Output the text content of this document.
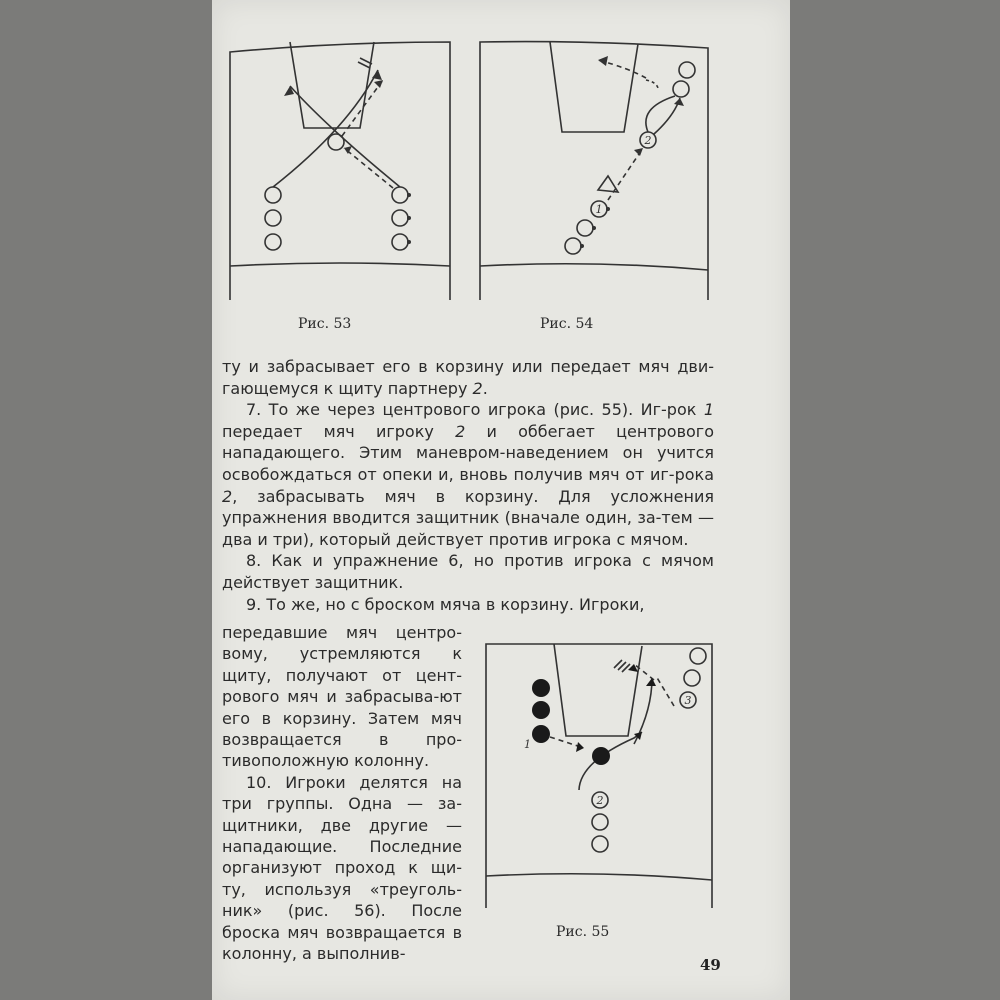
Рис. 53
1
2
Рис. 54

ту и забрасывает его в корзину или передает мяч дви-гающемуся к щиту партнеру 2.

7. То же через центрового игрока (рис. 55). Иг-рок 1 передает мяч игроку 2 и оббегает центрового нападающего. Этим маневром-наведением он учится освобождаться от опеки и, вновь получив мяч от иг-рока 2, забрасывать мяч в корзину. Для усложнения упражнения вводится защитник (вначале один, за-тем — два и три), который действует против игрока с мячом.

8. Как и упражнение 6, но против игрока с мячом действует защитник.

9. То же, но с броском мяча в корзину. Игроки,

передавшие мяч центро-вому, устремляются к щиту, получают от цент-рового мяч и забрасыва-ют его в корзину. Затем мяч возвращается в про-тивоположную колонну.

10. Игроки делятся на три группы. Одна — за-щитники, две другие — нападающие. Последние организуют проход к щи-ту, используя «треуголь-ник» (рис. 56). После броска мяч возвращается в колонну, а выполнив-

1
2
3
Рис. 55
49
